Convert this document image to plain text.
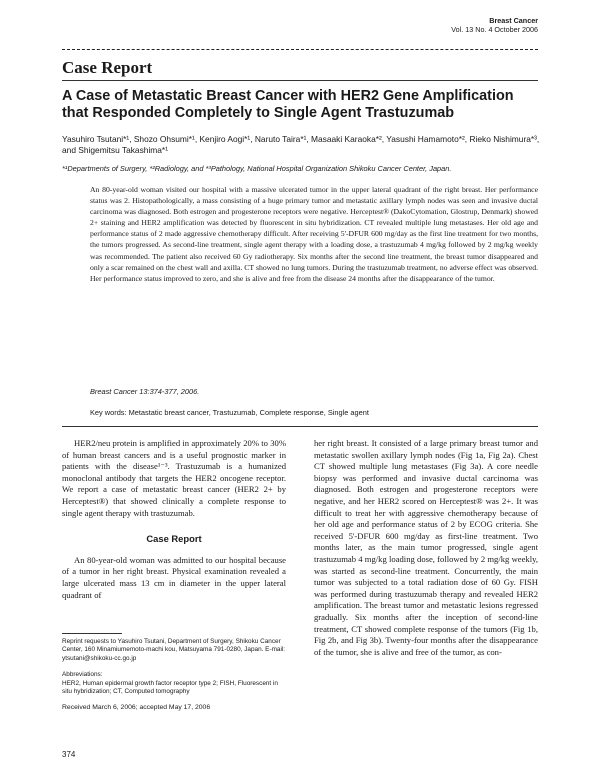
Breast Cancer
Vol. 13 No. 4 October 2006
Case Report
A Case of Metastatic Breast Cancer with HER2 Gene Amplification that Responded Completely to Single Agent Trastuzumab
Yasuhiro Tsutani*¹, Shozo Ohsumi*¹, Kenjiro Aogi*¹, Naruto Taira*¹, Masaaki Karaoka*², Yasushi Hamamoto*², Rieko Nishimura*³, and Shigemitsu Takashima*¹
*¹Departments of Surgery, *²Radiology, and *³Pathology, National Hospital Organization Shikoku Cancer Center, Japan.
An 80-year-old woman visited our hospital with a massive ulcerated tumor in the upper lateral quadrant of the right breast. Her performance status was 2. Histopathologically, a mass consisting of a huge primary tumor and metastatic axillary lymph nodes was seen and invasive ductal carcinoma was diagnosed. Both estrogen and progesterone receptors were negative. Herceptest® (DakoCytomation, Glostrup, Denmark) showed 2+ staining and HER2 amplification was detected by fluorescent in situ hybridization. CT revealed multiple lung metastases. Her old age and performance status of 2 made aggressive chemotherapy difficult. After receiving 5'-DFUR 600 mg/day as the first line treatment for two months, the tumors progressed. As second-line treatment, single agent therapy with a loading dose, a trastuzumab 4 mg/kg followed by 2 mg/kg weekly was recommended. The patient also received 60 Gy radiotherapy. Six months after the second line treatment, the breast tumor disappeared and only a scar remained on the chest wall and axilla. CT showed no lung tumors. During the trastuzumab treatment, no adverse effect was observed. Her performance status improved to zero, and she is alive and free from the disease 24 months after the disappearance of the tumor.
Breast Cancer 13:374-377, 2006.
Key words: Metastatic breast cancer, Trastuzumab, Complete response, Single agent

HER2/neu protein is amplified in approximately 20% to 30% of human breast cancers and is a useful prognostic marker in patients with the disease¹⁻³. Trastuzumab is a humanized monoclonal antibody that targets the HER2 oncogene receptor. We report a case of metastatic breast cancer (HER2 2+ by Herceptest®) that showed clinically a complete response to single agent therapy with trastuzumab.

Case Report

An 80-year-old woman was admitted to our hospital because of a tumor in her right breast. Physical examination revealed a large ulcerated mass 13 cm in diameter in the upper lateral quadrant of

her right breast. It consisted of a large primary breast tumor and metastatic swollen axillary lymph nodes (Fig 1a, Fig 2a). Chest CT showed multiple lung metastases (Fig 3a). A core needle biopsy was performed and invasive ductal carcinoma was diagnosed. Both estrogen and progesterone receptors were negative, and her HER2 scored on Herceptest® was 2+. It was difficult to treat her with aggressive chemotherapy because of her old age and performance status of 2 by ECOG criteria. She received 5'-DFUR 600 mg/day as first-line treatment. Two months later, as the main tumor progressed, single agent trastuzumab 4 mg/kg loading dose, followed by 2 mg/kg weekly, was started as second-line treatment. Concurrently, the main tumor was subjected to a total radiation dose of 60 Gy. FISH was performed during trastuzumab therapy and revealed HER2 amplification. The breast tumor and metastatic lesions regressed gradually. Six months after the inception of second-line treatment, CT showed complete response of the tumors (Fig 1b, Fig 2b, and Fig 3b). Twenty-four months after the disappearance of the tumor, she is alive and free of the tumor, as con-

Reprint requests to Yasuhiro Tsutani, Department of Surgery, Shikoku Cancer Center, 160 Minamiumemoto-machi kou, Matsuyama 791-0280, Japan. E-mail: ytsutani@shikoku-cc.go.jp
Abbreviations:
HER2, Human epidermal growth factor receptor type 2; FISH, Fluorescent in situ hybridization; CT, Computed tomography
Received March 6, 2006; accepted May 17, 2006
374
